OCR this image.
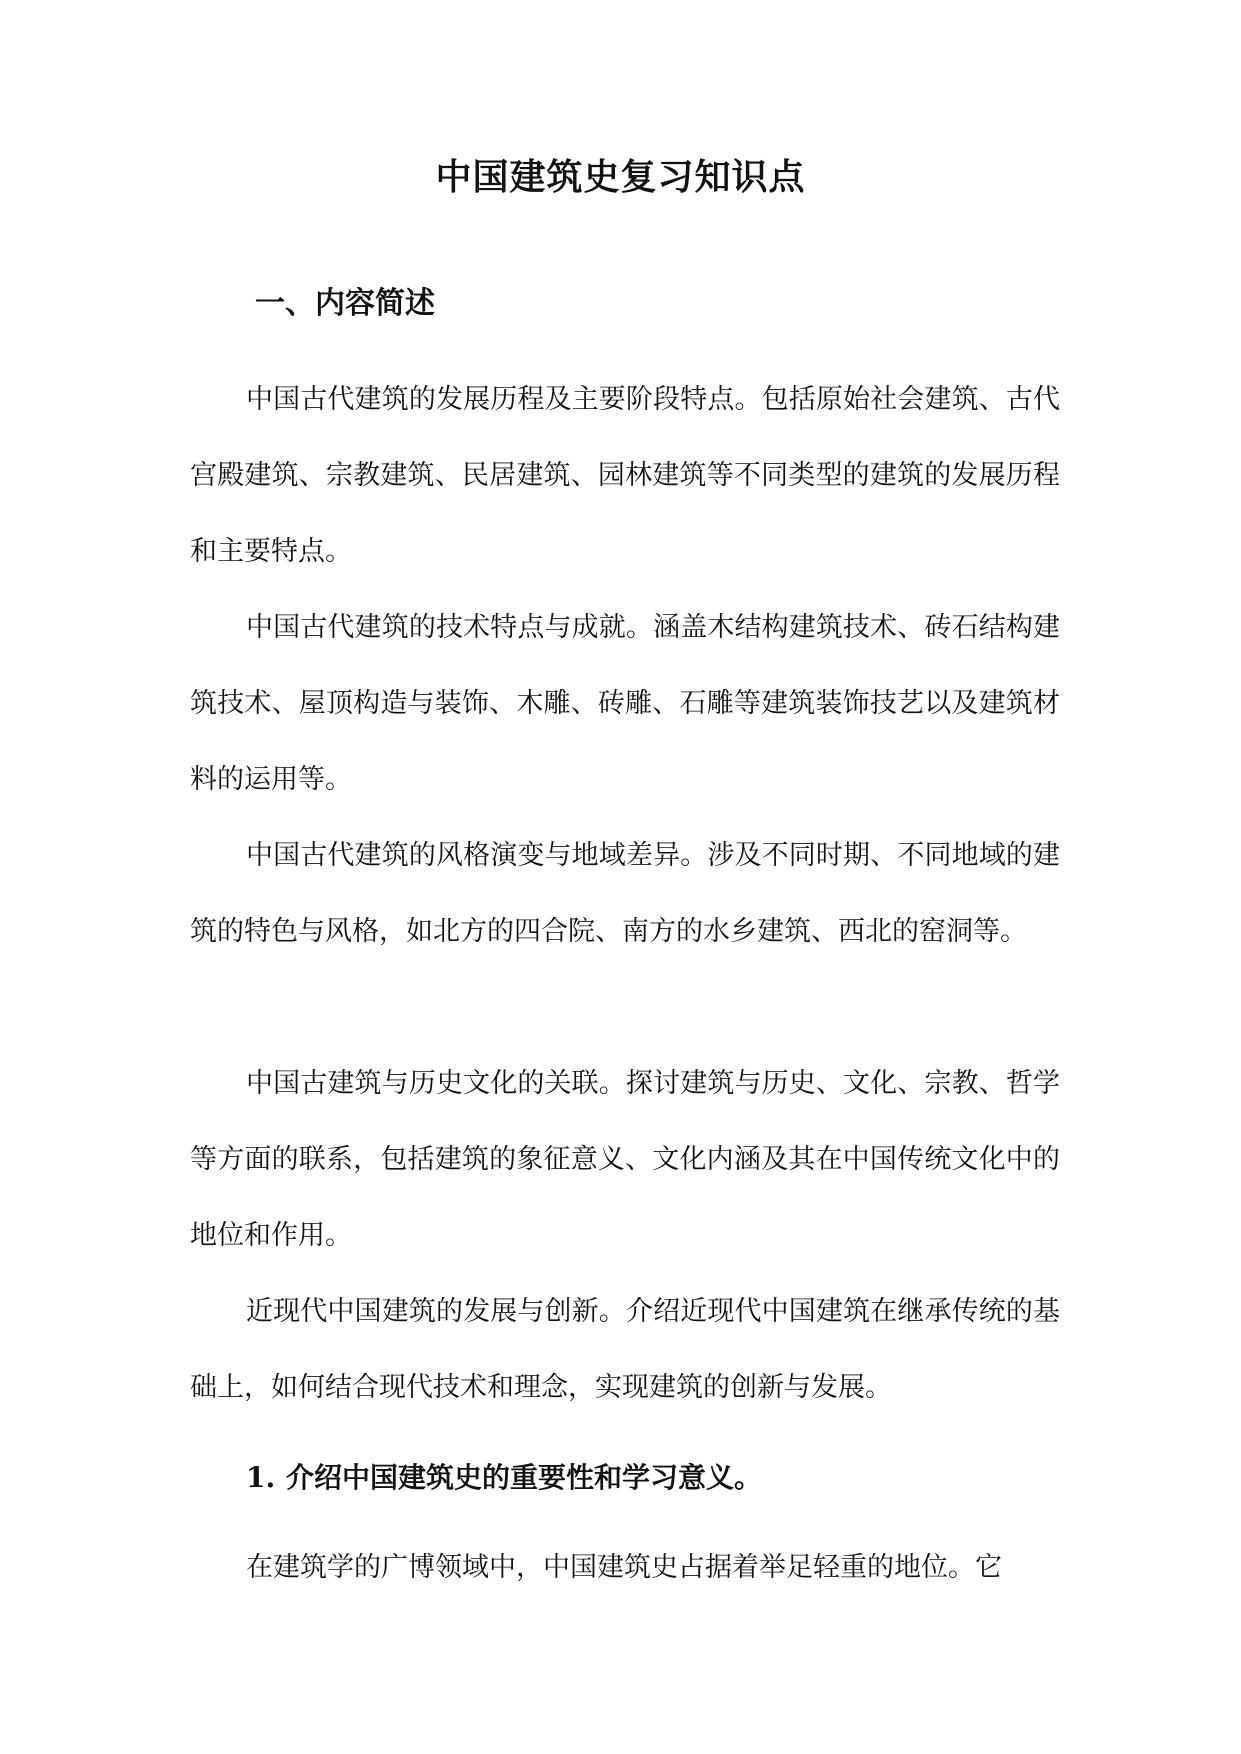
中国建筑史复习知识点
一、内容简述

中国古代建筑的发展历程及主要阶段特点。包括原始社会建筑、古代宫殿建筑、宗教建筑、民居建筑、园林建筑等不同类型的建筑的发展历程和主要特点。

中国古代建筑的技术特点与成就。涵盖木结构建筑技术、砖石结构建筑技术、屋顶构造与装饰、木雕、砖雕、石雕等建筑装饰技艺以及建筑材料的运用等。

中国古代建筑的风格演变与地域差异。涉及不同时期、不同地域的建筑的特色与风格，如北方的四合院、南方的水乡建筑、西北的窑洞等。

中国古建筑与历史文化的关联。探讨建筑与历史、文化、宗教、哲学等方面的联系，包括建筑的象征意义、文化内涵及其在中国传统文化中的地位和作用。

近现代中国建筑的发展与创新。介绍近现代中国建筑在继承传统的基础上，如何结合现代技术和理念，实现建筑的创新与发展。

1. 介绍中国建筑史的重要性和学习意义。

在建筑学的广博领域中，中国建筑史占据着举足轻重的地位。它
